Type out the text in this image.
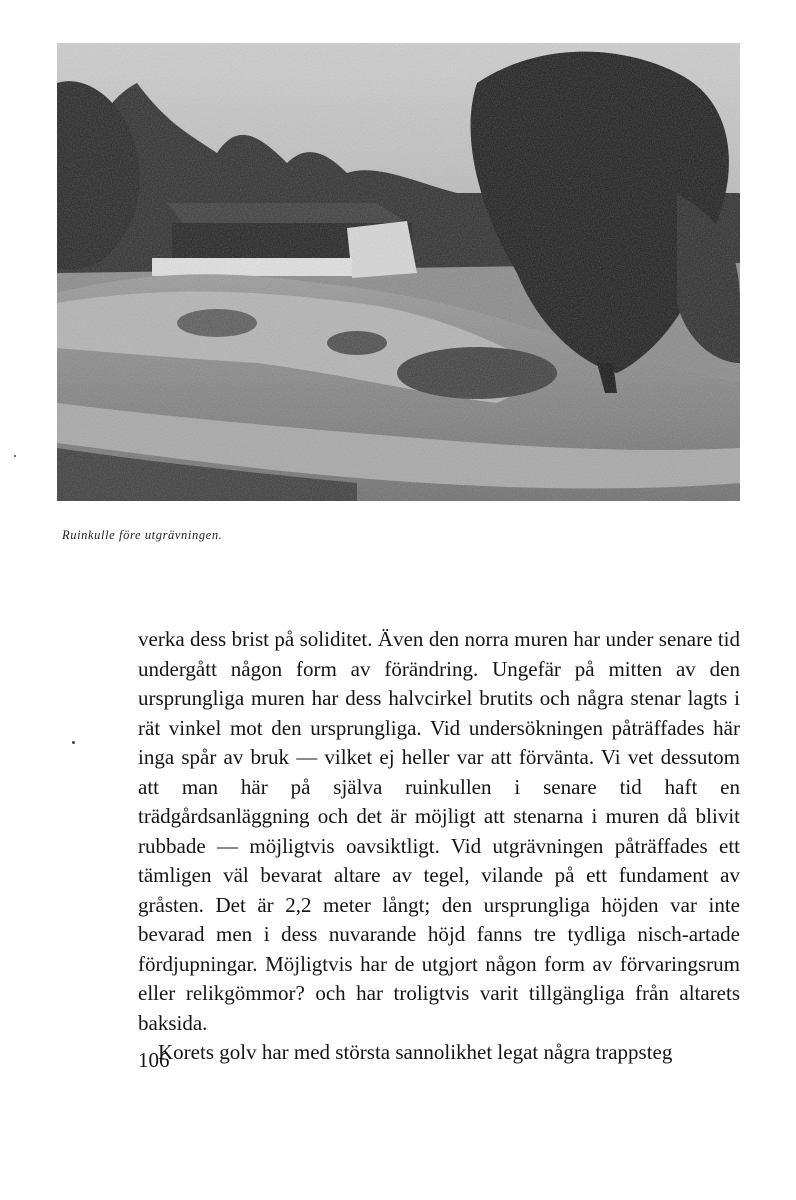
Ruinkulle före utgrävningen.

verka dess brist på soliditet. Även den norra muren har under senare tid undergått någon form av förändring. Ungefär på mitten av den ursprungliga muren har dess halvcirkel brutits och några stenar lagts i rät vinkel mot den ursprungliga. Vid undersökningen påträffades här inga spår av bruk — vilket ej heller var att förvänta. Vi vet dessutom att man här på själva ruinkullen i senare tid haft en trädgårdsanläggning och det är möjligt att stenarna i muren då blivit rubbade — möjligtvis oavsiktligt. Vid utgrävningen påträffades ett tämligen väl bevarat altare av tegel, vilande på ett fundament av gråsten. Det är 2,2 meter långt; den ursprungliga höjden var inte bevarad men i dess nuvarande höjd fanns tre tydliga nisch-artade fördjupningar. Möjligtvis har de utgjort någon form av förvaringsrum eller relikgömmor? och har troligtvis varit tillgängliga från altarets baksida.

Korets golv har med största sannolikhet legat några trappsteg

106
